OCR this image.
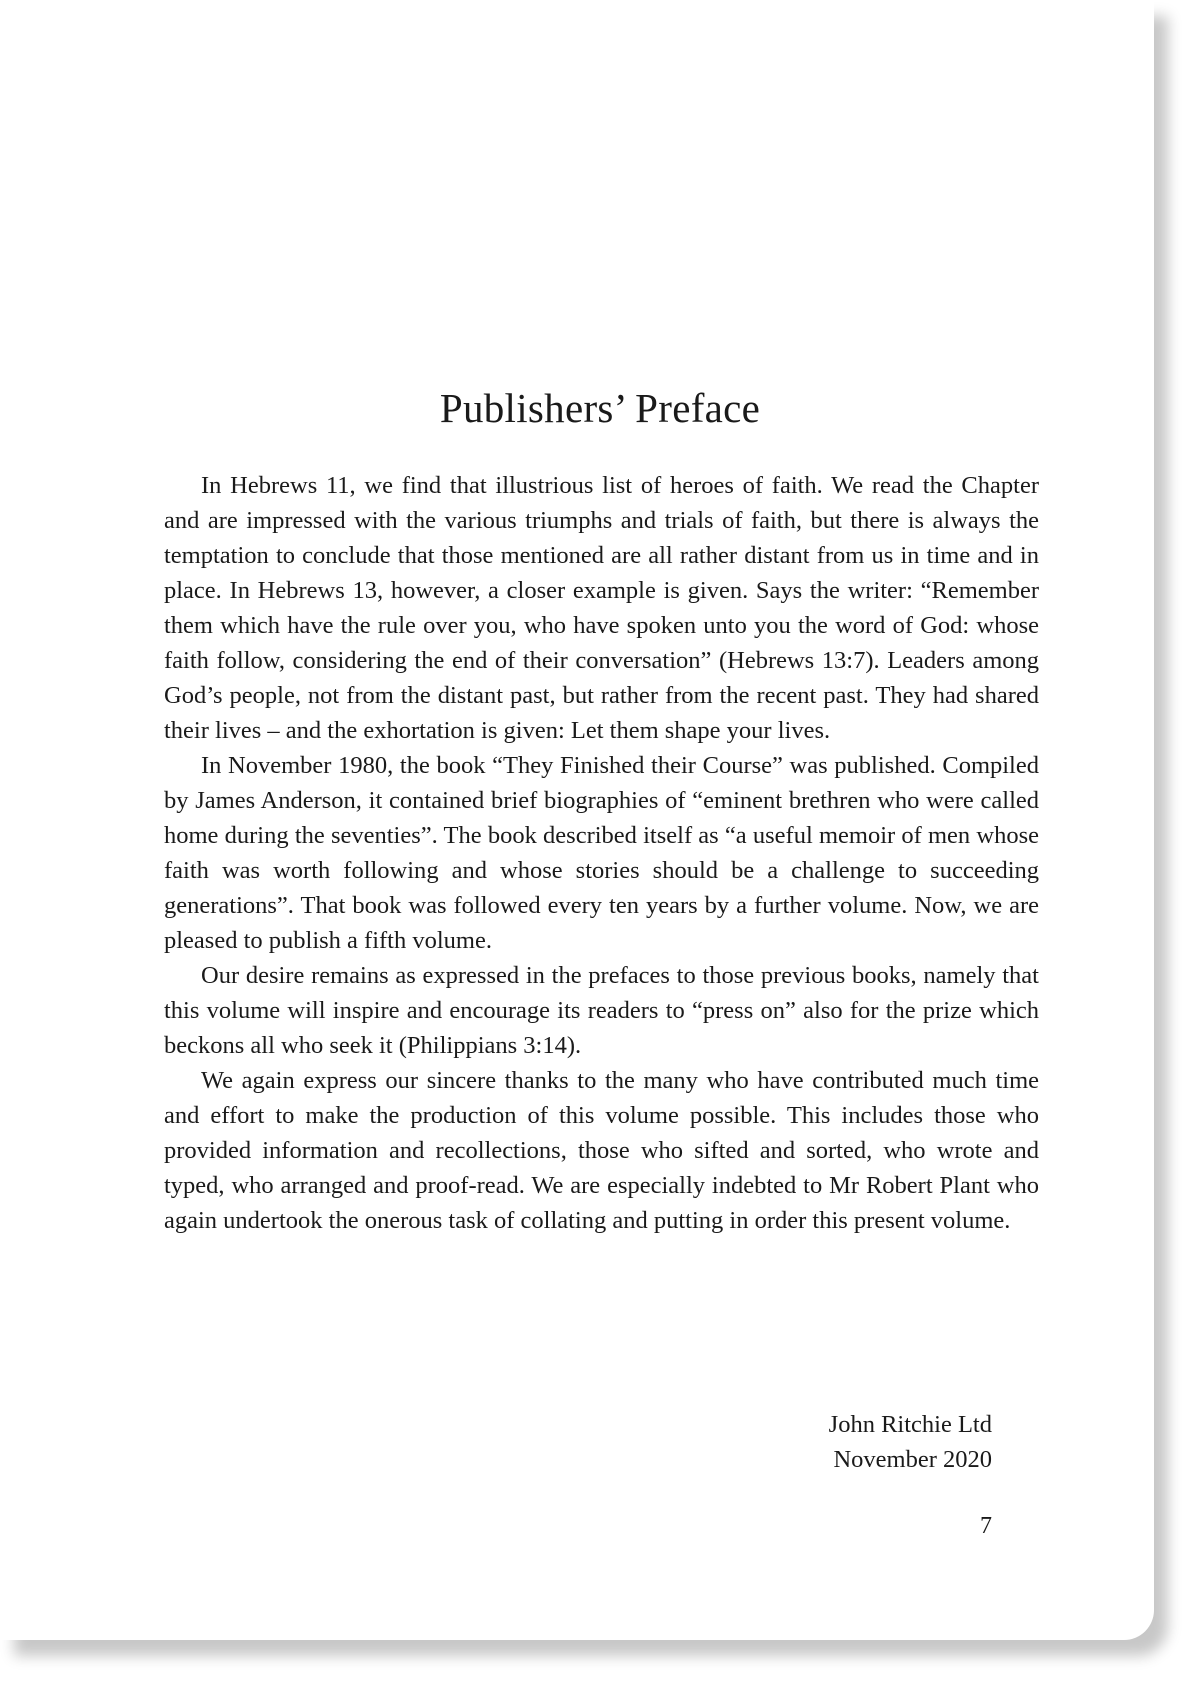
Publishers’ Preface

In Hebrews 11, we find that illustrious list of heroes of faith. We read the Chapter and are impressed with the various triumphs and trials of faith, but there is always the temptation to conclude that those mentioned are all rather distant from us in time and in place. In Hebrews 13, however, a closer example is given. Says the writer: “Remember them which have the rule over you, who have spoken unto you the word of God: whose faith follow, considering the end of their conversation” (Hebrews 13:7). Leaders among God’s people, not from the distant past, but rather from the recent past. They had shared their lives – and the exhortation is given: Let them shape your lives.

In November 1980, the book “They Finished their Course” was published. Compiled by James Anderson, it contained brief biographies of “eminent brethren who were called home during the seventies”. The book described itself as “a useful memoir of men whose faith was worth following and whose stories should be a challenge to succeeding generations”. That book was followed every ten years by a further volume. Now, we are pleased to publish a fifth volume.

Our desire remains as expressed in the prefaces to those previous books, namely that this volume will inspire and encourage its readers to “press on” also for the prize which beckons all who seek it (Philippians 3:14).

We again express our sincere thanks to the many who have contributed much time and effort to make the production of this volume possible. This includes those who provided information and recollections, those who sifted and sorted, who wrote and typed, who arranged and proof-read. We are especially indebted to Mr Robert Plant who again undertook the onerous task of collating and putting in order this present volume.

John Ritchie Ltd
November 2020
7
